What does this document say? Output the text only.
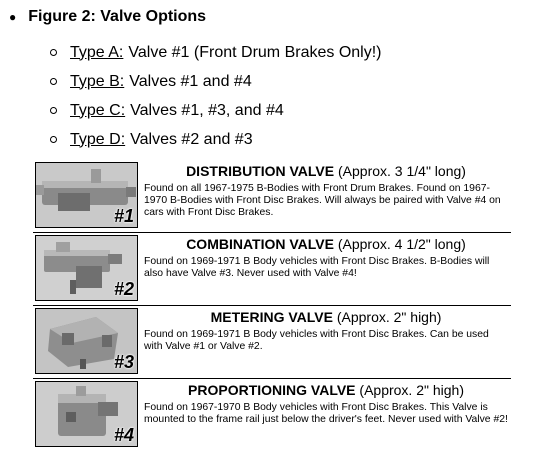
● Figure 2: Valve Options
Type A: Valve #1 (Front Drum Brakes Only!)
Type B: Valves #1 and #4
Type C: Valves #1, #3, and #4
Type D: Valves #2 and #3
#1
DISTRIBUTION VALVE (Approx. 3 1/4" long)
Found on all 1967-1975 B-Bodies with Front Drum Brakes. Found on 1967-1970 B-Bodies with Front Disc Brakes. Will always be paired with Valve #4 on cars with Front Disc Brakes.
#2
COMBINATION VALVE (Approx. 4 1/2" long)
Found on 1969-1971 B Body vehicles with Front Disc Brakes. B-Bodies will also have Valve #3. Never used with Valve #4!
#3
METERING VALVE (Approx. 2" high)
Found on 1969-1971 B Body vehicles with Front Disc Brakes. Can be used with Valve #1 or Valve #2.
#4
PROPORTIONING VALVE (Approx. 2" high)
Found on 1967-1970 B Body vehicles with Front Disc Brakes. This Valve is mounted to the frame rail just below the driver's feet. Never used with Valve #2!
